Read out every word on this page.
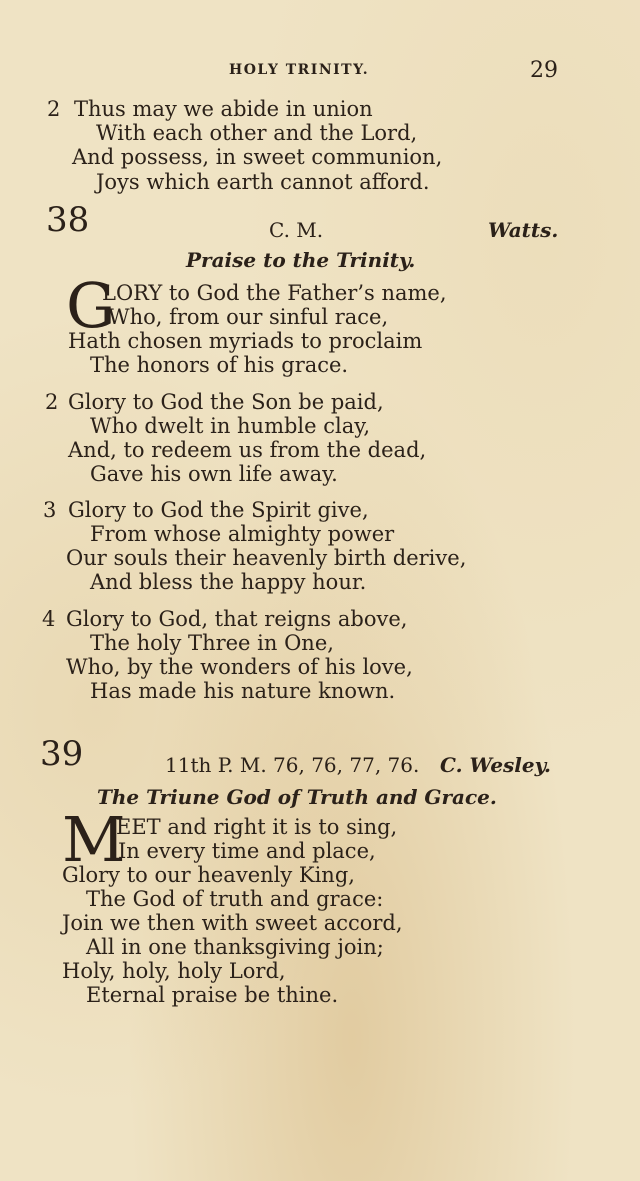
HOLY TRINITY.	29
2 Thus may we abide in union
With each other and the Lord,
And possess, in sweet communion,
Joys which earth cannot afford.
38	C. M.	Watts.
Praise to the Trinity.
G
LORY to God the Father’s name,
Who, from our sinful race,
Hath chosen myriads to proclaim
The honors of his grace.
2 Glory to God the Son be paid,
Who dwelt in humble clay,
And, to redeem us from the dead,
Gave his own life away.
3 Glory to God the Spirit give,
From whose almighty power
Our souls their heavenly birth derive,
And bless the happy hour.
4 Glory to God, that reigns above,
The holy Three in One,
Who, by the wonders of his love,
Has made his nature known.
39	11th P. M. 76, 76, 77, 76. C. Wesley.
The Triune God of Truth and Grace.
M
EET and right it is to sing,
In every time and place,
Glory to our heavenly King,
The God of truth and grace:
Join we then with sweet accord,
All in one thanksgiving join;
Holy, holy, holy Lord,
Eternal praise be thine.
